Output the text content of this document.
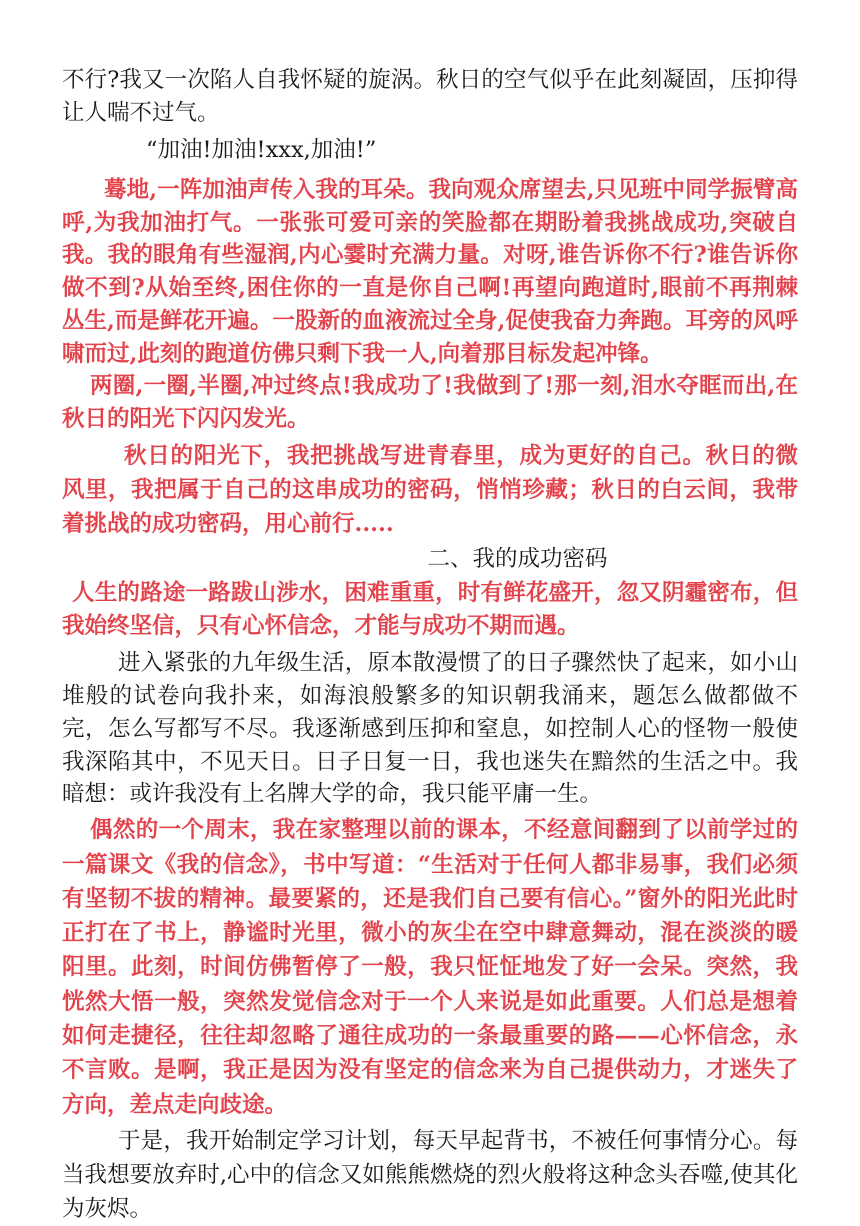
不行?我又一次陷人自我怀疑的旋涡。秋日的空气似乎在此刻凝固，压抑得让人喘不过气。

“加油!加油!xxx,加油!”

蓦地,一阵加油声传入我的耳朵。我向观众席望去,只见班中同学振臂高呼,为我加油打气。一张张可爱可亲的笑脸都在期盼着我挑战成功,突破自我。我的眼角有些湿润,内心霎时充满力量。对呀,谁告诉你不行?谁告诉你做不到?从始至终,困住你的一直是你自己啊!再望向跑道时,眼前不再荆棘丛生,而是鲜花开遍。一股新的血液流过全身,促使我奋力奔跑。耳旁的风呼啸而过,此刻的跑道仿佛只剩下我一人,向着那目标发起冲锋。

两圈,一圈,半圈,冲过终点!我成功了!我做到了!那一刻,泪水夺眶而出,在秋日的阳光下闪闪发光。

秋日的阳光下，我把挑战写进青春里，成为更好的自己。秋日的微风里，我把属于自己的这串成功的密码，悄悄珍藏；秋日的白云间，我带着挑战的成功密码，用心前行.....

二、我的成功密码

人生的路途一路跋山涉水，困难重重，时有鲜花盛开，忽又阴霾密布，但我始终坚信，只有心怀信念，才能与成功不期而遇。

进入紧张的九年级生活，原本散漫惯了的日子骤然快了起来，如小山堆般的试卷向我扑来，如海浪般繁多的知识朝我涌来，题怎么做都做不完，怎么写都写不尽。我逐渐感到压抑和窒息，如控制人心的怪物一般使我深陷其中，不见天日。日子日复一日，我也迷失在黯然的生活之中。我暗想：或许我没有上名牌大学的命，我只能平庸一生。

偶然的一个周末，我在家整理以前的课本，不经意间翻到了以前学过的一篇课文《我的信念》，书中写道：“生活对于任何人都非易事，我们必须有坚韧不拔的精神。最要紧的，还是我们自己要有信心。”窗外的阳光此时正打在了书上，静谧时光里，微小的灰尘在空中肆意舞动，混在淡淡的暖阳里。此刻，时间仿佛暂停了一般，我只怔怔地发了好一会呆。突然，我恍然大悟一般，突然发觉信念对于一个人来说是如此重要。人们总是想着如何走捷径，往往却忽略了通往成功的一条最重要的路——心怀信念，永不言败。是啊，我正是因为没有坚定的信念来为自己提供动力，才迷失了方向，差点走向歧途。

于是，我开始制定学习计划，每天早起背书，不被任何事情分心。每当我想要放弃时,心中的信念又如熊熊燃烧的烈火般将这种念头吞噬,使其化为灰烬。
